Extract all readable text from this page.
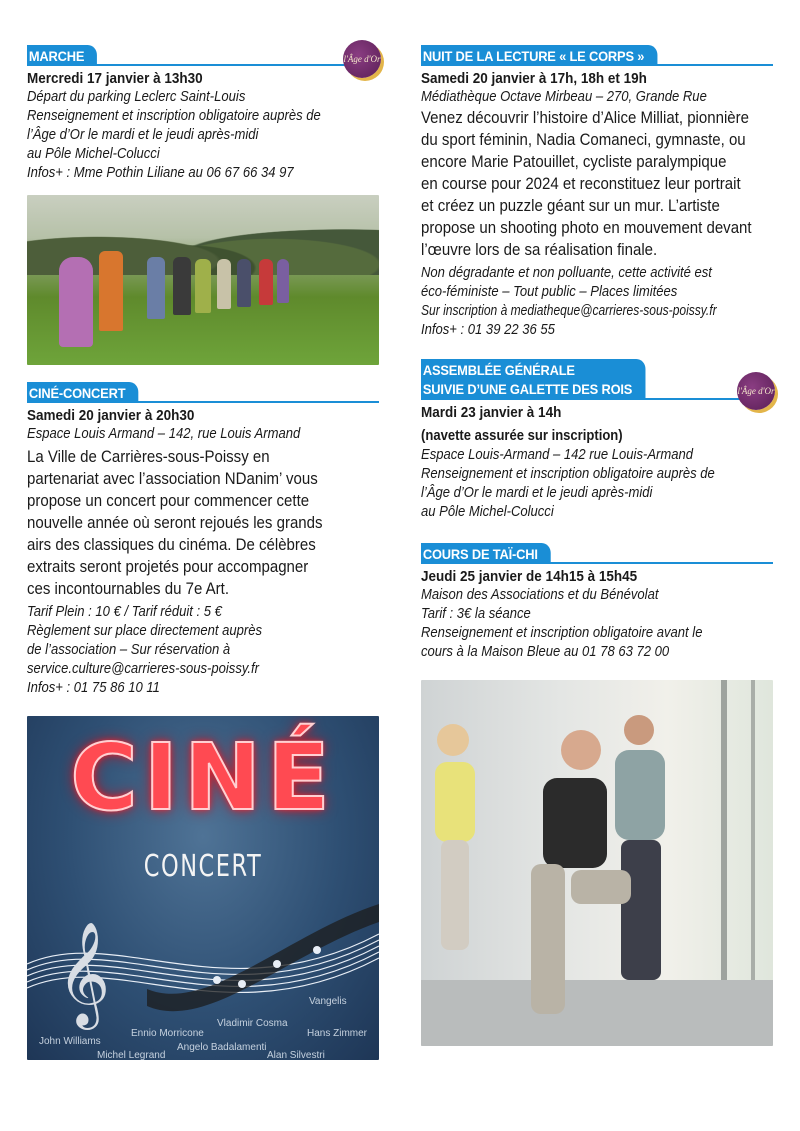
MARCHE	l'Âge d'Or
Mercredi 17 janvier à 13h30
Départ du parking Leclerc Saint-Louis
Renseignement et inscription obligatoire auprès de
l’Âge d’Or le mardi et le jeudi après-midi
au Pôle Michel-Colucci
Infos+ : Mme Pothin Liliane au 06 67 66 34 97
CINÉ-CONCERT
Samedi 20 janvier à 20h30
Espace Louis Armand – 142, rue Louis Armand
La Ville de Carrières-sous-Poissy en
partenariat avec l’association NDanim’ vous
propose un concert pour commencer cette
nouvelle année où seront rejoués les grands
airs des classiques du cinéma. De célèbres
extraits seront projetés pour accompagner
ces incontournables du 7e Art.
Tarif Plein : 10 € / Tarif réduit : 5 €
Règlement sur place directement auprès
de l’association – Sur réservation à
service.culture@carrieres-sous-poissy.fr
Infos+ : 01 75 86 10 11
CINÉ
CONCERT
𝄞	Vangelis
Vladimir Cosma
Hans Zimmer
Ennio Morricone
John Williams
Angelo Badalamenti
Michel Legrand	Alan Silvestri
NUIT DE LA LECTURE « LE CORPS »
Samedi 20 janvier à 17h, 18h et 19h
Médiathèque Octave Mirbeau – 270, Grande Rue
Venez découvrir l’histoire d’Alice Milliat, pionnière
du sport féminin, Nadia Comaneci, gymnaste, ou
encore Marie Patouillet, cycliste paralympique
en course pour 2024 et reconstituez leur portrait
et créez un puzzle géant sur un mur. L’artiste
propose un shooting photo en mouvement devant
l’œuvre lors de sa réalisation finale.
Non dégradante et non polluante, cette activité est
éco-féministe – Tout public – Places limitées
Sur inscription à mediatheque@carrieres-sous-poissy.fr
Infos+ : 01 39 22 36 55
ASSEMBLÉE GÉNÉRALE
SUIVIE D’UNE GALETTE DES ROIS	l'Âge d'Or
Mardi 23 janvier à 14h
(navette assurée sur inscription)
Espace Louis-Armand – 142 rue Louis-Armand
Renseignement et inscription obligatoire auprès de
l’Âge d’Or le mardi et le jeudi après-midi
au Pôle Michel-Colucci
COURS DE TAÏ-CHI
Jeudi 25 janvier de 14h15 à 15h45
Maison des Associations et du Bénévolat
Tarif : 3€ la séance
Renseignement et inscription obligatoire avant le
cours à la Maison Bleue au 01 78 63 72 00
